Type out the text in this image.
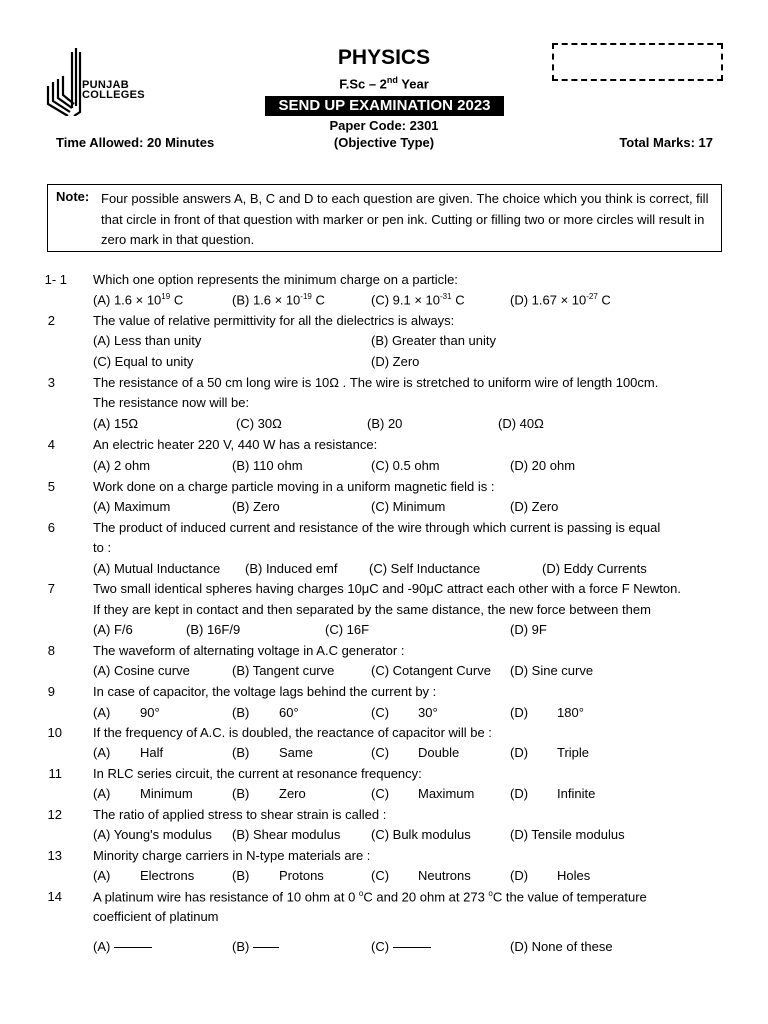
PUNJAB
COLLEGES
PHYSICS
F.Sc – 2nd Year
SEND UP EXAMINATION 2023
Paper Code: 2301
Time Allowed: 20 Minutes	(Objective Type)	Total Marks: 17
Note: Four possible answers A, B, C and D to each question are given. The choice which you think is correct, fill that circle in front of that question with marker or pen ink. Cutting or filling two or more circles will result in zero mark in that question.
1- 1 Which one option represents the minimum charge on a particle:
(A) $1.6 \times 10^{19}$ C	(B) $1.6 \times 10^{-19}$ C	(C) $9.1 \times 10^{-31}$ C	(D) $1.67 \times 10^{-27}$ C
2	The value of relative permittivity for all the dielectrics is always:
(A) Less than unity	(B) Greater than unity
(C) Equal to unity	(D) Zero
3	The resistance of a 50 cm long wire is 10Ω . The wire is stretched to uniform wire of length 100cm.
The resistance now will be:
(A) 15Ω	(C) 30Ω	(B) 20	(D) 40Ω
4	An electric heater 220 V, 440 W has a resistance:
(A) 2 ohm	(B) 110 ohm	(C) 0.5 ohm	(D) 20 ohm
5	Work done on a charge particle moving in a uniform magnetic field is :
(A) Maximum	(B) Zero	(C) Minimum	(D) Zero
6	The product of induced current and resistance of the wire through which current is passing is equal
to :
(A) Mutual Inductance (B) Induced emf (C) Self Inductance	(D) Eddy Currents
7	Two small identical spheres having charges 10μC and -90μC attract each other with a force F Newton.
If they are kept in contact and then separated by the same distance, the new force between them
(A) F/6	(B) 16F/9	(C) 16F	(D) 9F
8	The waveform of alternating voltage in A.C generator :
(A) Cosine curve	(B) Tangent curve	(C) Cotangent Curve (D) Sine curve
9	In case of capacitor, the voltage lags behind the current by :
(A) 90°	(B) 60°	(C) 30°	(D) 180°
10 If the frequency of A.C. is doubled, the reactance of capacitor will be :
(A) Half	(B) Same	(C) Double	(D) Triple
11 In RLC series circuit, the current at resonance frequency:
(A) Minimum	(B) Zero	(C) Maximum	(D) Infinite
12 The ratio of applied stress to shear strain is called :
(A) Young's modulus (B) Shear modulus (C) Bulk modulus	(D) Tensile modulus
13 Minority charge carriers in N-type materials are :
(A) Electrons	(B) Protons	(C) Neutrons	(D) Holes
14 A platinum wire has resistance of 10 ohm at 0 $^o$C and 20 ohm at 273 $^o$C the value of temperature
coefficient of platinum
(A)	(B)	(C)	(D) None of these
